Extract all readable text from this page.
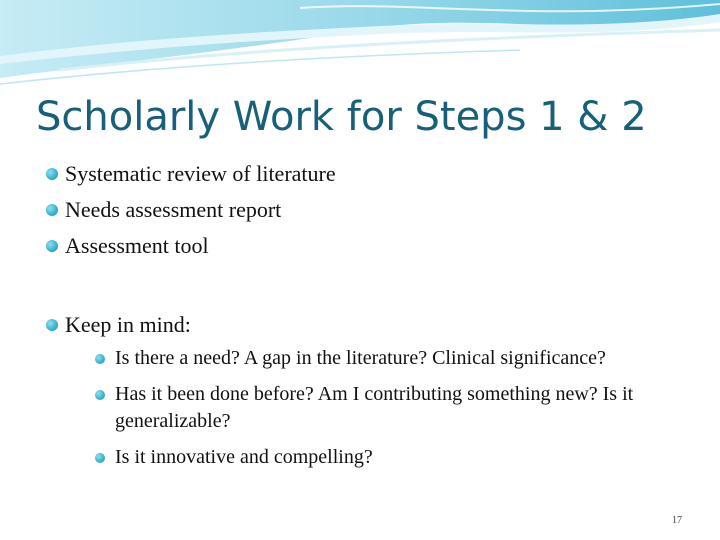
Scholarly Work for Steps 1 & 2
Systematic review of literature
Needs assessment report
Assessment tool
Keep in mind:
Is there a need? A gap in the literature? Clinical significance?
Has it been done before? Am I contributing something new? Is it generalizable?
Is it innovative and compelling?
17
